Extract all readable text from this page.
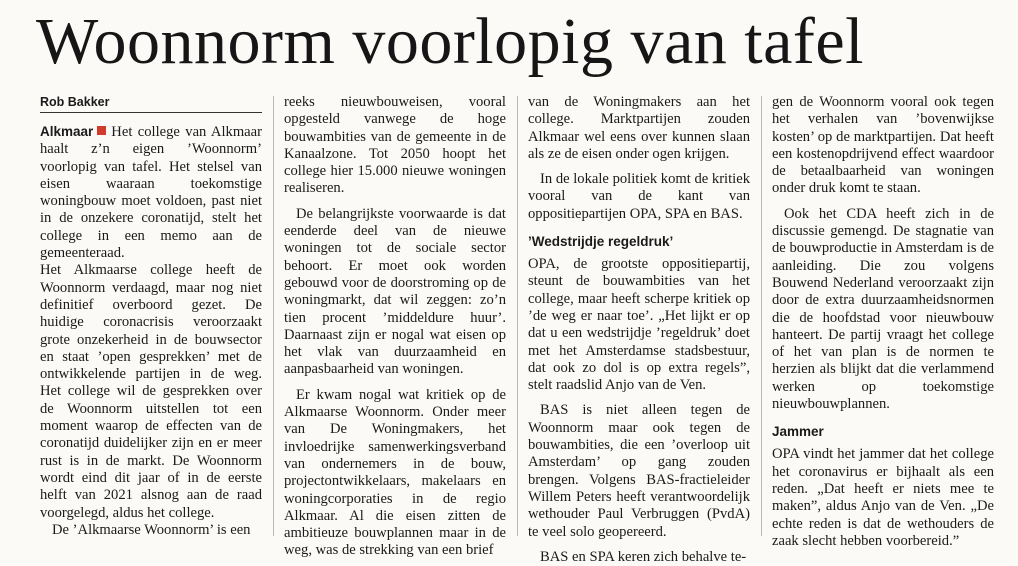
Woonnorm voorlopig van tafel
Rob Bakker

Alkmaar Het college van Alkmaar haalt z’n eigen ’Woonnorm’ voorlopig van tafel. Het stelsel van eisen waaraan toekomstige woningbouw moet voldoen, past niet in de onzekere coronatijd, stelt het college in een memo aan de gemeenteraad.

Het Alkmaarse college heeft de Woonnorm verdaagd, maar nog niet definitief overboord gezet. De huidige coronacrisis veroorzaakt grote onzekerheid in de bouwsector en staat ’open gesprekken’ met de ontwikkelende partijen in de weg. Het college wil de gesprekken over de Woonnorm uitstellen tot een moment waarop de effecten van de coronatijd duidelijker zijn en er meer rust is in de markt. De Woonnorm wordt eind dit jaar of in de eerste helft van 2021 alsnog aan de raad voorgelegd, aldus het college.

De ’Alkmaarse Woonnorm’ is een

reeks nieuwbouweisen, vooral opgesteld vanwege de hoge bouwambities van de gemeente in de Kanaalzone. Tot 2050 hoopt het college hier 15.000 nieuwe woningen realiseren.

De belangrijkste voorwaarde is dat eenderde deel van de nieuwe woningen tot de sociale sector behoort. Er moet ook worden gebouwd voor de doorstroming op de woningmarkt, dat wil zeggen: zo’n tien procent ’middeldure huur’. Daarnaast zijn er nogal wat eisen op het vlak van duurzaamheid en aanpasbaarheid van woningen.

Er kwam nogal wat kritiek op de Alkmaarse Woonnorm. Onder meer van De Woningmakers, het invloedrijke samenwerkingsverband van ondernemers in de bouw, projectontwikkelaars, makelaars en woningcorporaties in de regio Alkmaar. Al die eisen zitten de ambitieuze bouwplannen maar in de weg, was de strekking van een brief

van de Woningmakers aan het college. Marktpartijen zouden Alkmaar wel eens over kunnen slaan als ze de eisen onder ogen krijgen.

In de lokale politiek komt de kritiek vooral van de kant van oppositiepartijen OPA, SPA en BAS.

’Wedstrijdje regeldruk’

OPA, de grootste oppositiepartij, steunt de bouwambities van het college, maar heeft scherpe kritiek op ’de weg er naar toe’. „Het lijkt er op dat u een wedstrijdje ’regeldruk’ doet met het Amsterdamse stadsbestuur, dat ook zo dol is op extra regels”, stelt raadslid Anjo van de Ven.

BAS is niet alleen tegen de Woonnorm maar ook tegen de bouwambities, die een ’overloop uit Amsterdam’ op gang zouden brengen. Volgens BAS-fractieleider Willem Peters heeft verantwoordelijk wethouder Paul Verbruggen (PvdA) te veel solo geopereerd.

BAS en SPA keren zich behalve te-

gen de Woonnorm vooral ook tegen het verhalen van ’bovenwijkse kosten’ op de marktpartijen. Dat heeft een kostenopdrijvend effect waardoor de betaalbaarheid van woningen onder druk komt te staan.

Ook het CDA heeft zich in de discussie gemengd. De stagnatie van de bouwproductie in Amsterdam is de aanleiding. Die zou volgens Bouwend Nederland veroorzaakt zijn door de extra duurzaamheidsnormen die de hoofdstad voor nieuwbouw hanteert. De partij vraagt het college of het van plan is de normen te herzien als blijkt dat die verlammend werken op toekomstige nieuwbouwplannen.

Jammer

OPA vindt het jammer dat het college het coronavirus er bijhaalt als een reden. „Dat heeft er niets mee te maken”, aldus Anjo van de Ven. „De echte reden is dat de wethouders de zaak slecht hebben voorbereid.”
